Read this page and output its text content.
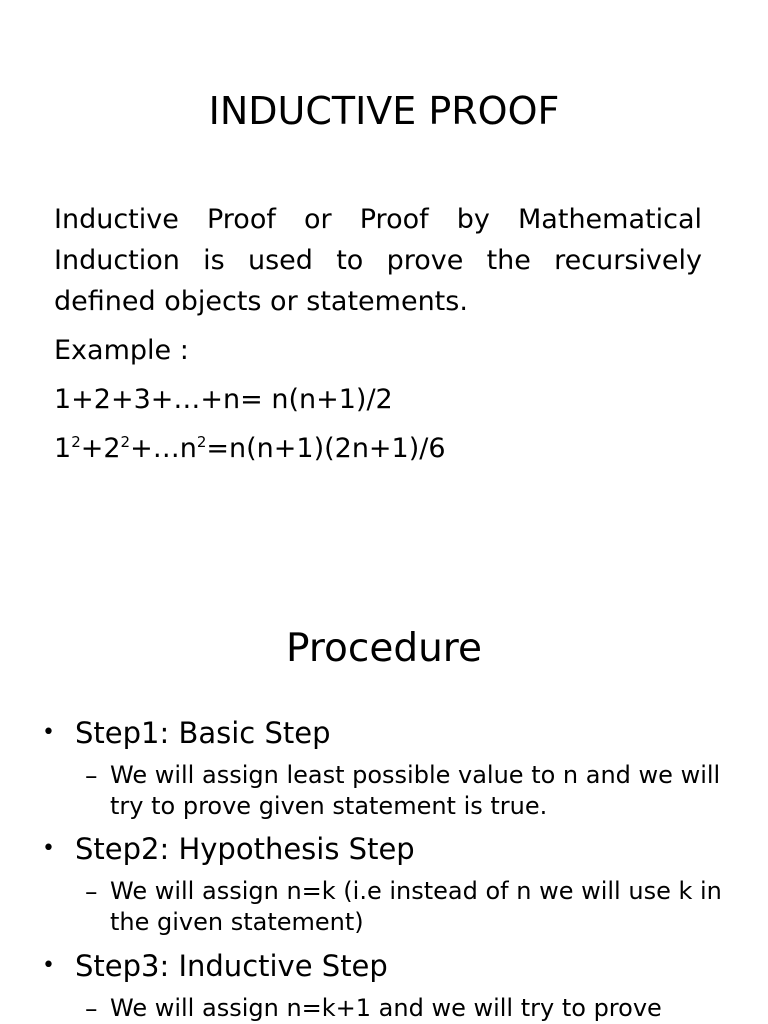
INDUCTIVE PROOF

Inductive Proof or Proof by Mathematical Induction is used to prove the recursively defined objects or statements.

Example :
1+2+3+…+n= n(n+1)/2
$1^2+2^2+\dots n^2=n(n+1)(2n+1)/6$
Procedure
• Step1: Basic Step
– We will assign least possible value to n and we will try to prove given statement is true.
• Step2: Hypothesis Step
– We will assign n=k (i.e instead of n we will use k in the given statement)
• Step3: Inductive Step
– We will assign n=k+1 and we will try to prove
